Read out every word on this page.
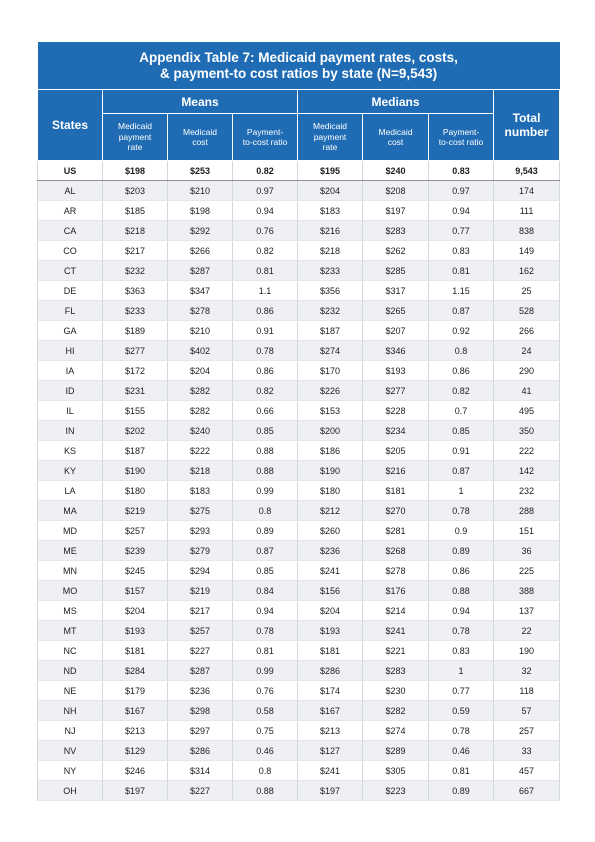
Appendix Table 7: Medicaid payment rates, costs,
& payment-to cost ratios by state (N=9,543)							
States	Means			Medians			Total number
	Medicaid payment rate	Medicaid cost	Payment-to-cost ratio	Medicaid payment rate	Medicaid cost	Payment-to-cost ratio	
US	$198	$253	0.82	$195	$240	0.83	9,543
AL	$203	$210	0.97	$204	$208	0.97	174
AR	$185	$198	0.94	$183	$197	0.94	111
CA	$218	$292	0.76	$216	$283	0.77	838
CO	$217	$266	0.82	$218	$262	0.83	149
CT	$232	$287	0.81	$233	$285	0.81	162
DE	$363	$347	1.1	$356	$317	1.15	25
FL	$233	$278	0.86	$232	$265	0.87	528
GA	$189	$210	0.91	$187	$207	0.92	266
HI	$277	$402	0.78	$274	$346	0.8	24
IA	$172	$204	0.86	$170	$193	0.86	290
ID	$231	$282	0.82	$226	$277	0.82	41
IL	$155	$282	0.66	$153	$228	0.7	495
IN	$202	$240	0.85	$200	$234	0.85	350
KS	$187	$222	0.88	$186	$205	0.91	222
KY	$190	$218	0.88	$190	$216	0.87	142
LA	$180	$183	0.99	$180	$181	1	232
MA	$219	$275	0.8	$212	$270	0.78	288
MD	$257	$293	0.89	$260	$281	0.9	151
ME	$239	$279	0.87	$236	$268	0.89	36
MN	$245	$294	0.85	$241	$278	0.86	225
MO	$157	$219	0.84	$156	$176	0.88	388
MS	$204	$217	0.94	$204	$214	0.94	137
MT	$193	$257	0.78	$193	$241	0.78	22
NC	$181	$227	0.81	$181	$221	0.83	190
ND	$284	$287	0.99	$286	$283	1	32
NE	$179	$236	0.76	$174	$230	0.77	118
NH	$167	$298	0.58	$167	$282	0.59	57
NJ	$213	$297	0.75	$213	$274	0.78	257
NV	$129	$286	0.46	$127	$289	0.46	33
NY	$246	$314	0.8	$241	$305	0.81	457
OH	$197	$227	0.88	$197	$223	0.89	667
